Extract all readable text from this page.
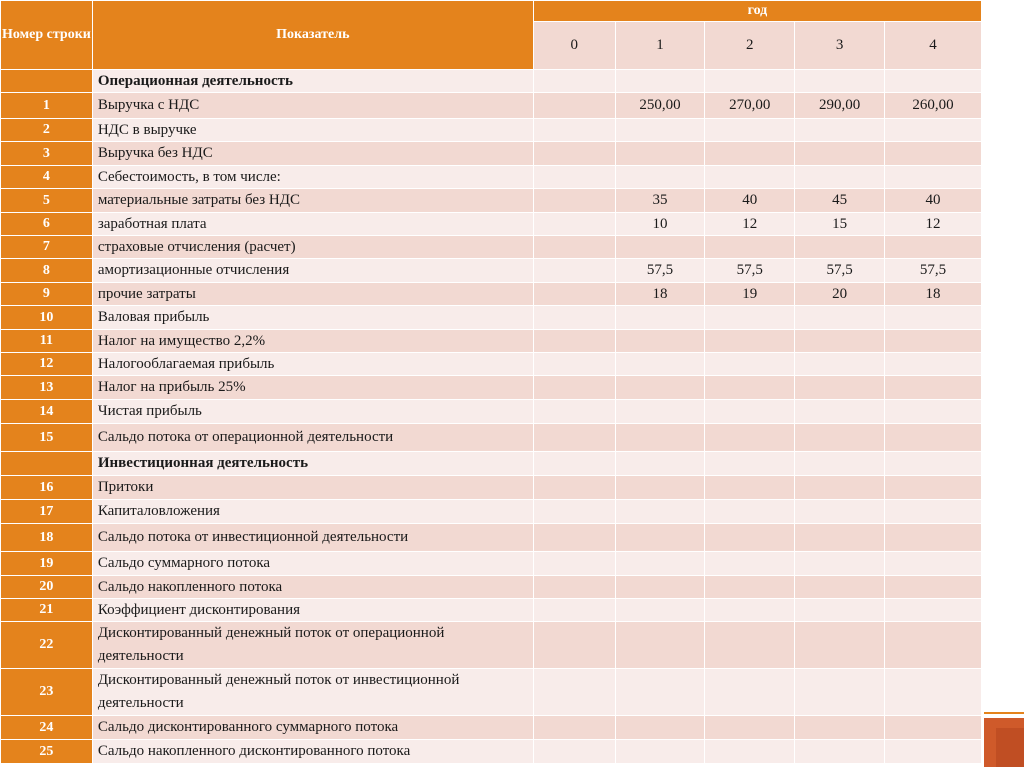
Номер строки	Показатель	год				
		0	1	2	3	4
	Операционная деятельность					
1	Выручка с НДС		250,00	270,00	290,00	260,00
2	НДС в выручке					
3	Выручка без НДС					
4	Себестоимость, в том числе:					
5	материальные затраты без НДС		35	40	45	40
6	заработная плата		10	12	15	12
7	страховые отчисления (расчет)					
8	амортизационные отчисления		57,5	57,5	57,5	57,5
9	прочие затраты		18	19	20	18
10	Валовая прибыль					
11	Налог на имущество 2,2%					
12	Налогооблагаемая прибыль					
13	Налог на прибыль 25%					
14	Чистая прибыль					
15	Сальдо потока от операционной деятельности					
	Инвестиционная деятельность					
16	Притоки					
17	Капиталовложения					
18	Сальдо потока от инвестиционной деятельности					
19	Сальдо суммарного потока					
20	Сальдо накопленного потока					
21	Коэффициент дисконтирования					
22	Дисконтированный денежный поток от операционной деятельности					
23	Дисконтированный денежный поток от инвестиционной деятельности					
24	Сальдо дисконтированного суммарного потока					
25	Сальдо накопленного дисконтированного потока					
